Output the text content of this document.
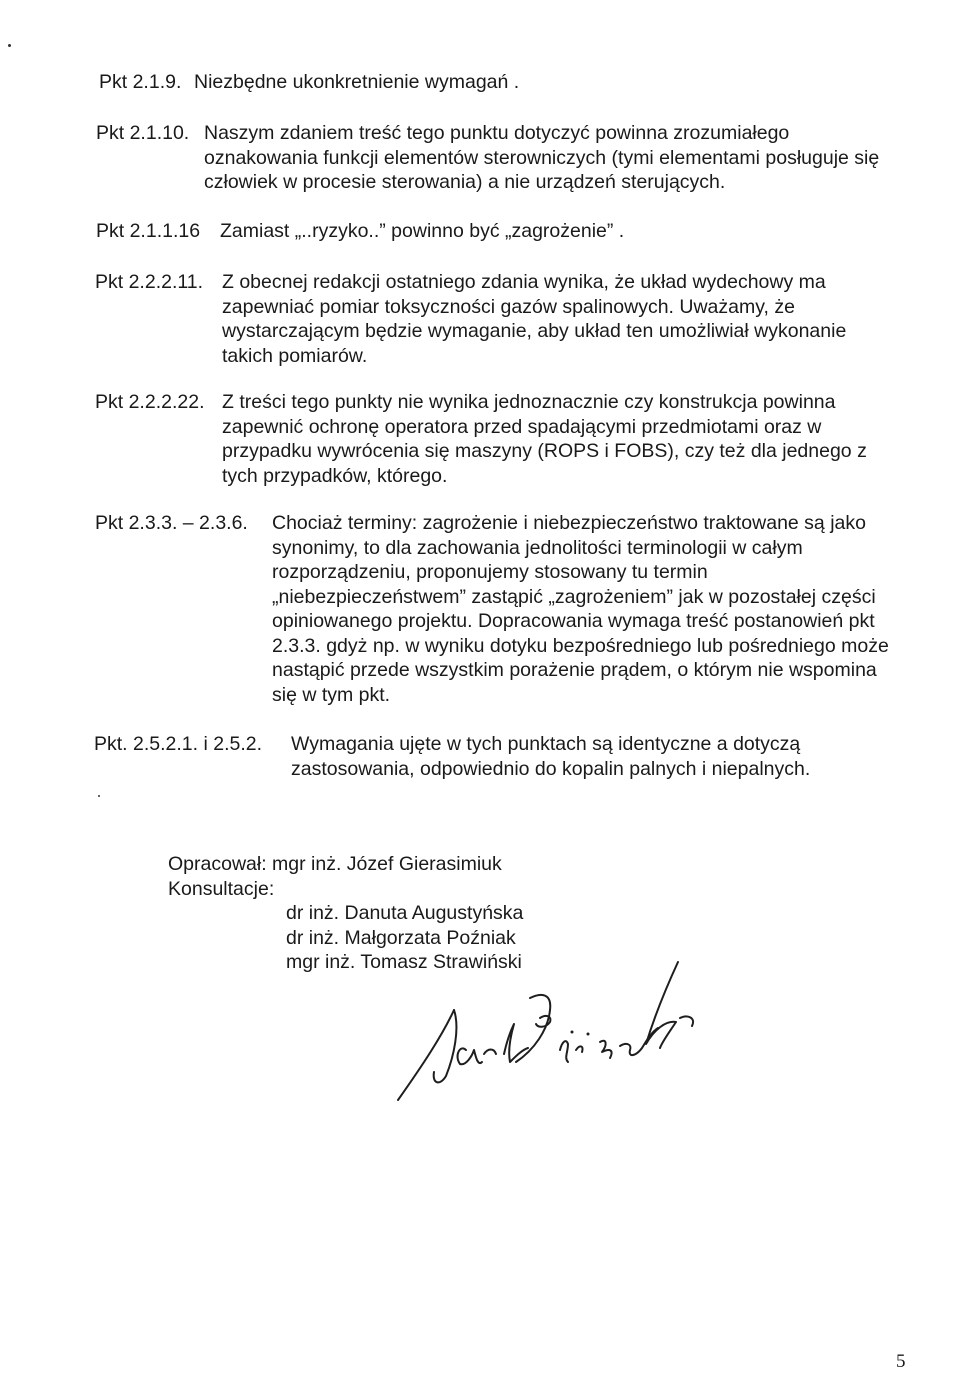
Pkt 2.1.9. Niezbędne ukonkretnienie wymagań .
Pkt 2.1.10. Naszym zdaniem treść tego punktu dotyczyć powinna zrozumiałego
oznakowania funkcji elementów sterowniczych (tymi elementami posługuje się
człowiek w procesie sterowania) a nie urządzeń sterujących.
Pkt 2.1.1.16 Zamiast „..ryzyko..” powinno być „zagrożenie” .
Pkt 2.2.2.11. Z obecnej redakcji ostatniego zdania wynika, że układ wydechowy ma
zapewniać pomiar toksyczności gazów spalinowych. Uważamy, że
wystarczającym będzie wymaganie, aby układ ten umożliwiał wykonanie
takich pomiarów.
Pkt 2.2.2.22. Z treści tego punkty nie wynika jednoznacznie czy konstrukcja powinna
zapewnić ochronę operatora przed spadającymi przedmiotami oraz w
przypadku wywrócenia się maszyny (ROPS i FOBS), czy też dla jednego z
tych przypadków, którego.
Pkt 2.3.3. – 2.3.6. Chociaż terminy: zagrożenie i niebezpieczeństwo traktowane są jako
synonimy, to dla zachowania jednolitości terminologii w całym
rozporządzeniu, proponujemy stosowany tu termin
„niebezpieczeństwem” zastąpić „zagrożeniem” jak w pozostałej części
opiniowanego projektu. Dopracowania wymaga treść postanowień pkt
2.3.3. gdyż np. w wyniku dotyku bezpośredniego lub pośredniego może
nastąpić przede wszystkim porażenie prądem, o którym nie wspomina
się w tym pkt.
Pkt. 2.5.2.1. i 2.5.2. Wymagania ujęte w tych punktach są identyczne a dotyczą
zastosowania, odpowiednio do kopalin palnych i niepalnych.
Opracował: mgr inż. Józef Gierasimiuk
Konsultacje:
dr inż. Danuta Augustyńska
dr inż. Małgorzata Poźniak
mgr inż. Tomasz Strawiński
5
